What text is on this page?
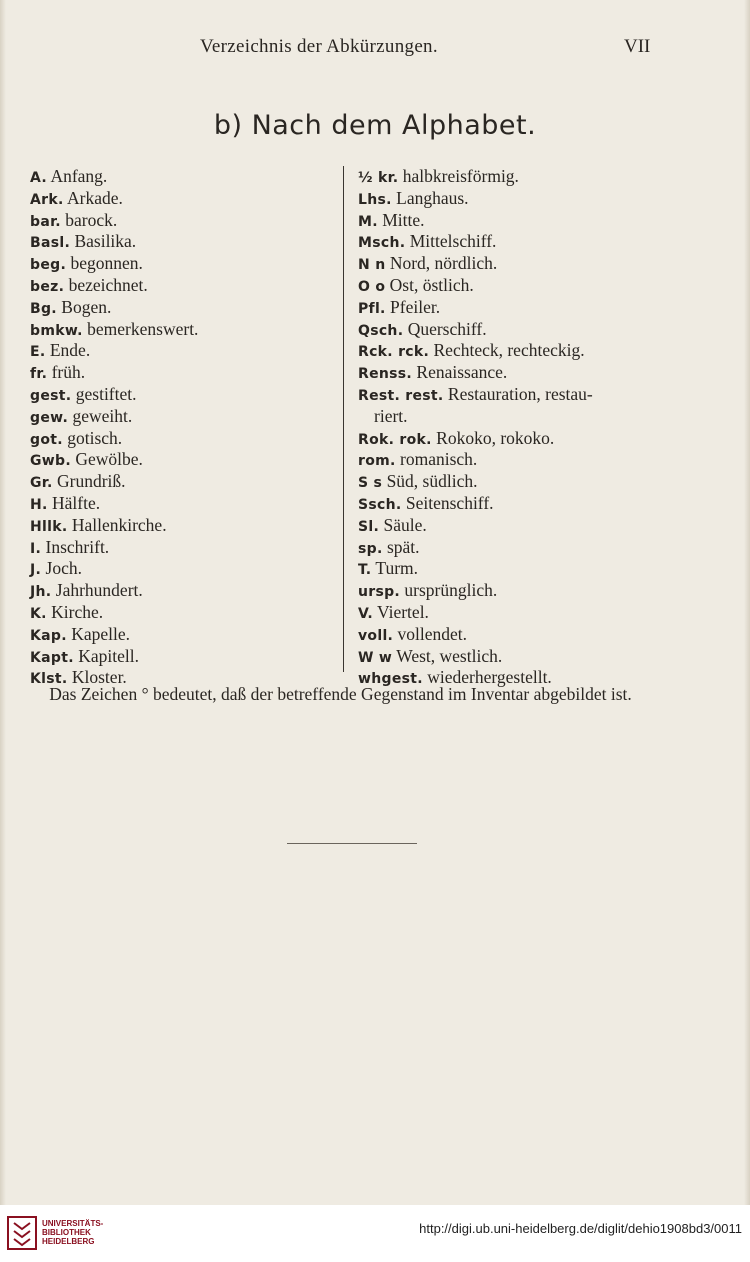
Verzeichnis der Abkürzungen.	VII
b) Nach dem Alphabet.
A. Anfang.
Ark. Arkade.
bar. barock.
Basl. Basilika.
beg. begonnen.
bez. bezeichnet.
Bg. Bogen.
bmkw. bemerkenswert.
E. Ende.
fr. früh.
gest. gestiftet.
gew. geweiht.
got. gotisch.
Gwb. Gewölbe.
Gr. Grundriß.
H. Hälfte.
Hllk. Hallenkirche.
I. Inschrift.
J. Joch.
Jh. Jahrhundert.
K. Kirche.
Kap. Kapelle.
Kapt. Kapitell.
Klst. Kloster.
½ kr. halbkreisförmig.
Lhs. Langhaus.
M. Mitte.
Msch. Mittelschiff.
N n Nord, nördlich.
O o Ost, östlich.
Pfl. Pfeiler.
Qsch. Querschiff.
Rck. rck. Rechteck, rechteckig.
Renss. Renaissance.
Rest. rest. Restauration, restau-
riert.
Rok. rok. Rokoko, rokoko.
rom. romanisch.
S s Süd, südlich.
Ssch. Seitenschiff.
Sl. Säule.
sp. spät.
T. Turm.
ursp. ursprünglich.
V. Viertel.
voll. vollendet.
W w West, westlich.
whgest. wiederhergestellt.
Das Zeichen ° bedeutet, daß der betreffende Gegenstand im Inventar abgebildet ist.
UNIVERSITÄTS-
BIBLIOTHEK
HEIDELBERG
http://digi.ub.uni-heidelberg.de/diglit/dehio1908bd3/0011
